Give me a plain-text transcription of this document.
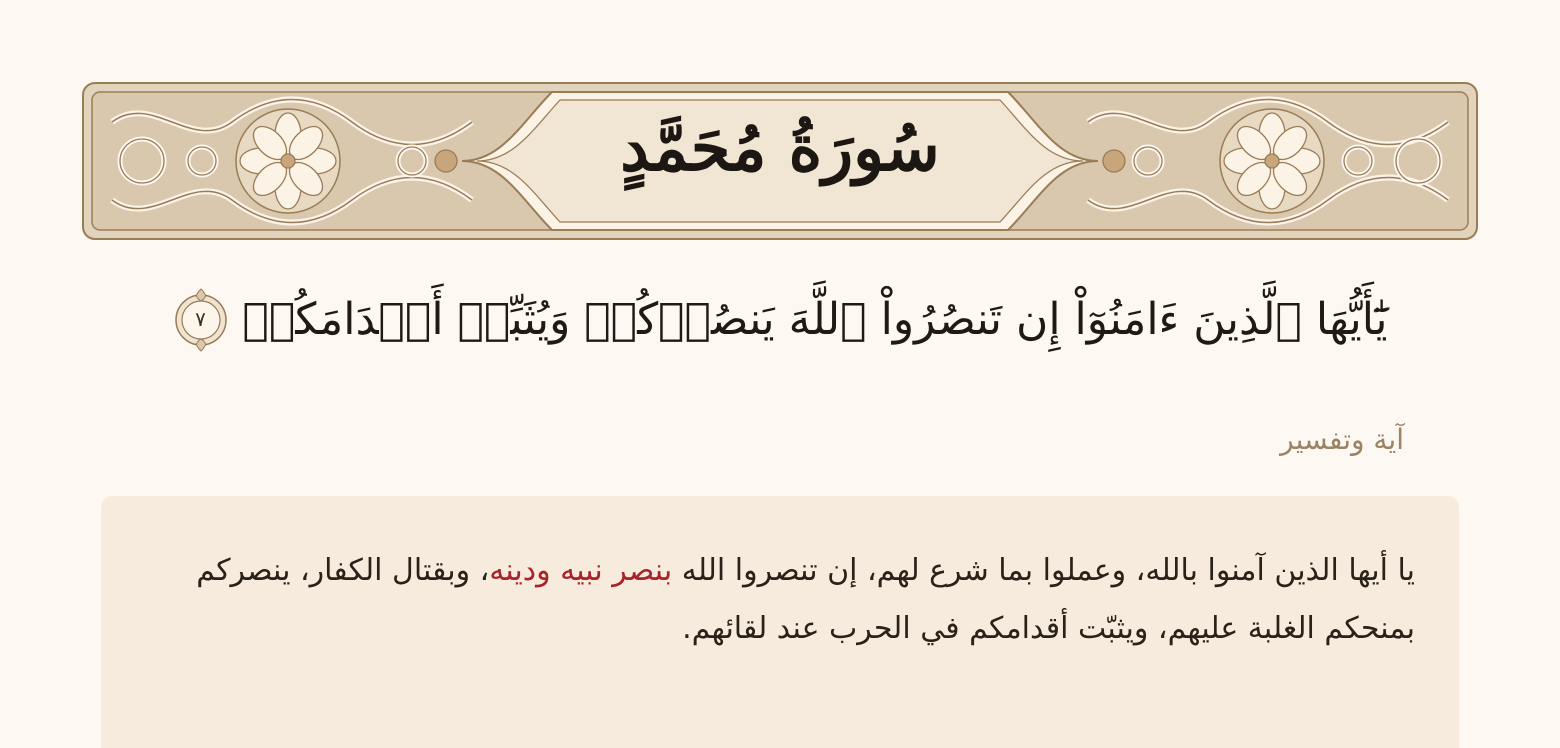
سُورَةُ مُحَمَّدٍ
يَٰٓأَيُّهَا ٱلَّذِينَ ءَامَنُوٓاْ إِن تَنصُرُواْ ٱللَّهَ يَنصُرۡكُمۡ وَيُثَبِّتۡ أَقۡدَامَكُمۡ
٧
آية وتفسير
يا أيها الذين آمنوا بالله، وعملوا بما شرع لهم، إن تنصروا الله بنصر نبيه ودينه، وبقتال الكفار، ينصركم بمنحكم الغلبة عليهم، ويثبّت أقدامكم في الحرب عند لقائهم.
